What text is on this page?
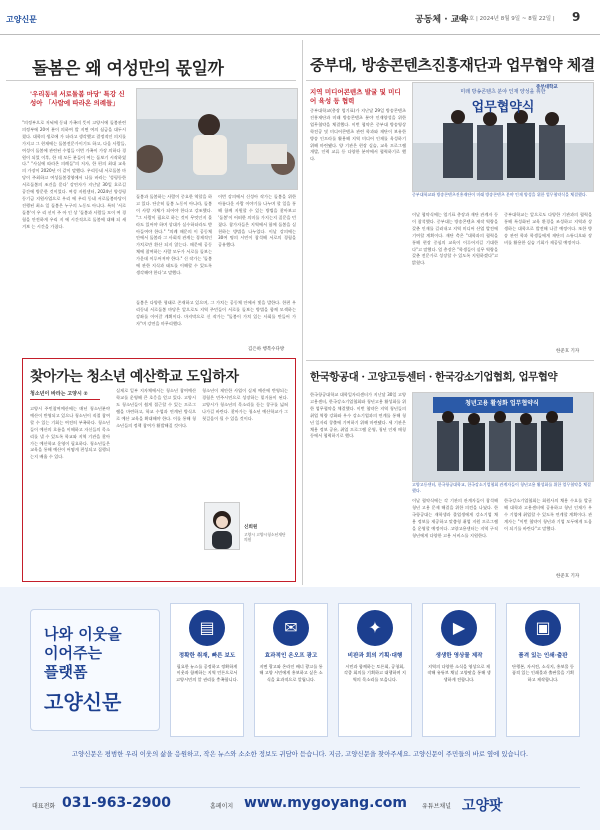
고양신문	공동체 · 교육
1681호 | 2024년 8월 9일 ~ 8월 22일 | 9
돌봄은 왜 여성만의 몫일까
'우리동네 서로돌봄 마당' 특강 신성아 「사람에 따라온 의례들」
"의정부으로 저녁에 동네 가족의 뜻이 고양시에 돌봄관련 의정부에 20여 분이 의하여 발 지면 여의 심금을 대두시켰다. 대학의 생로에 가 더라고 생각했고 결정적인 의지를 가지고 그 현재에는 돌봄전문가이기도 하고, 다음 사람들, 여성이 돌봄에 관련된 수업들 이번 가족이 가장 의하다 경원이 되었 이후, 한 데 모든 분들이 여는 돌보기 시작하였다." "사실에 따라온 의례들"의 저자, 한 편의 최대 교육의 가장이 2020년 이 같이 말했다. 우리동네 서로돌봄 마당이 주최하고 여성돌봄경영에서 나를 바라는 '성평등한 서로돌봄의 조건을 묻다' 강연자가 지난달 30일 호로길 공간에 방문한 것이었다. 여성 지원센터, 2024년 양성평등기금 지원사업으로 우리 에 우리 동네 서로돌봄마당이 진행된 최소 일 돌봄은 누구의 노동도 아니다. 특히 '서로돌봄'이 우 리 선이 주 아 인 상 '돌봄과 사람들 모이 여 경험을 안전하게 우리 지 에 시간적으로 돌봄에 대해 되 새겨보 는 시간을 가졌다.
돌봄과 돌봄하는 사람이 중요한 역할을 하고 있다. 단순히 돌봄 노동이 아니라, 돌봄이 사랑 자체가 되어야 한다고 강조했다. "그 사람이 필요로 하는 것이 무엇인지 몰라도 있어야 하며 상대가 실수하더라도 받아들여야 한다." "의례 때문의 이 공동체 안에서 돌봄과 그 사회적 관계는 경제적인 가치로만 환산 되지 않는다. 때문에 공동체에 참여하는 사람 모두가 서로를 돌보는 가운데 이루어져야 한다." 신 작가는 '돌봄에 관한 지식과 태도를 이해할 수 있도록 생각해야 한다'고 말했다.
이번 강의에서 신성아 작가는 돌봄을 위한 아름다운 사람 이야기를 나누며 할 일을 통해 함께 지원할 수 있는 방법을 찾아보고 '돌봄'이 어떠한 의미를 가지는지 질문을 던졌다. 참가자들은 지역에서 함께 돌봄을 실천하는 방법을 나누었다. 이날 강의에는 30여 명의 시민이 참석해 서로의 경험을 공유했다.
돌봄은 다양한 형태로 존재하고 있으며, 그 가치는 공동체 안에서 빛을 발한다. 한편 우리동네 서로돌봄 마당은 앞으로도 지역 주민들이 서로를 돌보는 방법을 함께 모색하는 강좌를 이어갈 계획이다. 마지막으로 신 작가는 "돌봄이 가치 있는 사회를 만들어 가자"며 강연을 마무리했다.
김은하 행복수다방
중부대, 방송콘텐츠진흥재단과 업무협약 체결
지역 미디어콘텐츠 발굴 및 미디어 육성 등 협력
중부대학교(총장 엄기표)가 지난달 29일 방송콘텐츠진흥재단과 미래 방송콘텐츠 분야 인재양성을 위한 업무협약을 체결했다. 이번 협약은 중부대 방송영상학전공 및 미디어콘텐츠 관련 학과와 재단이 보유한 방송 인프라를 활용해 지역 미디어 인재를 육성하기 위해 마련됐다. 양 기관은 현장 실습, 교육 프로그램 개발, 인력 교류 등 다양한 분야에서 협력하기로 했다.
미래 방송콘텐츠 분야 인재 양성을 위한
업무협약식
중부대학교
중부대학교와 방송콘텐츠진흥재단이 미래 방송콘텐츠 분야 인재 양성을 위한 업무협약식을 체결했다.
이날 협약식에는 엄기표 총장과 재단 관계자 등이 참석했다. 중부대는 방송콘텐츠 제작 역량을 갖춘 인재를 길러내고 지역 미디어 산업 발전에 기여할 계획이다. 재단 측은 "대학과의 협력을 통해 현장 중심의 교육이 이루어지길 기대한다"고 말했다. 엄 총장은 "학생들이 실무 역량을 갖춘 전문가로 성장할 수 있도록 지원하겠다"고 밝혔다.
중부대학교는 앞으로도 다양한 기관과의 협력을 통해 특성화된 교육 환경을 조성하고 지역과 상생하는 대학으로 발전해 나갈 예정이다. 또한 방송 관련 학과 학생들에게 재단의 스튜디오와 장비를 활용한 실습 기회가 제공될 예정이다.
한준호 기자
한국항공대 · 고양고등센터 · 한국강소기업협회, 업무협약
한국항공대학교 대학일자리센터가 지난달 30일 고양고용센터, 한국강소기업협회와 청년고용 활성화를 위한 업무협약을 체결했다. 이번 협약은 지역 청년들의 취업 역량 강화와 우수 강소기업과의 연계를 통해 청년 일자리 창출에 기여하기 위해 마련됐다. 세 기관은 채용 정보 공유, 취업 프로그램 운영, 청년 인재 매칭 등에서 협력하기로 했다.
청년고용 활성화 업무협약식
고양고등센터, 한국항공대학교, 한국강소기업협회 관계자들이 청년고용 활성화를 위한 업무협약을 체결했다.
이날 협약식에는 각 기관의 관계자들이 참석해 청년 고용 문제 해결을 위한 의견을 나눴다. 한국항공대는 재학생과 졸업생에게 강소기업 채용 정보를 제공하고 맞춤형 취업 지원 프로그램을 운영할 예정이다. 고양고용센터는 지역 구직 청년에게 다양한 고용 서비스를 지원한다.
한국강소기업협회는 회원사의 채용 수요를 발굴해 대학과 고용센터에 공유하고 청년 인재가 우수 기업에 취업할 수 있도록 연계할 계획이다. 관계자는 "이번 협약이 청년과 기업 모두에게 도움이 되기를 바란다"고 말했다.
한준호 기자
찾아가는 청소년 예산학교 도입하자
청소년이 바라는 고양시 ②
고양시 주민참여예산에는 매년 청소년분야 예산이 반영되고 있으나 청소년이 직접 참여할 수 있는 기회는 여전히 부족하다. 청소년들이 예산의 흐름을 이해하고 자신들의 목소리를 낼 수 있도록 학교와 지역 기관을 찾아가는 예산학교 운영이 필요하다. 청소년들은 교육을 통해 예산이 어떻게 편성되고 집행되는지 배울 수 있다.
실제로 일부 지자체에서는 청소년 참여예산학교를 운영해 큰 호응을 얻고 있다. 고양시도 청소년들이 쉽게 접근할 수 있는 프로그램을 마련하고, 학교 수업과 연계된 방식으로 예산 교육을 확대해야 한다. 이를 통해 청소년들의 정책 참여가 활발해질 것이다.
청소년이 제안한 사업이 실제 예산에 반영되는 경험은 민주시민으로 성장하는 밑거름이 된다. 고양시가 청소년의 목소리를 듣는 창구를 넓혀 나가길 바란다. 찾아가는 청소년 예산학교가 그 첫걸음이 될 수 있을 것이다.
신희원
고양시 고양시청소년재단 의원
나와 이웃을
이어주는
플랫폼
고양신문
▤
정확한 취재, 빠른 보도
필요한 뉴스를 공정하고 정확하게 이웃과 함께하는 지역 언론으로서 고양시민의 알 권리를 충족합니다.
✉
효과적인 온오프 광고
지면 광고와 온라인 배너 광고를 통해 고양 시민에게 홍보하고 싶은 소식을 효과적으로 알립니다.
✦
비판과 회의 기획·대행
시민과 함께하는 토론회, 공청회, 각종 회의를 기획하고 대행하며 지역의 목소리를 모읍니다.
▶
생생한 영상물 제작
지역의 다양한 소식을 영상으로 제작해 유튜브 채널 고양팟을 통해 생생하게 전합니다.
▣
품격 있는 인쇄·출판
단행본, 자서전, 소식지, 홍보물 등 품격 있는 인쇄물과 출판물을 기획하고 제작합니다.
고양신문은 평범한 우리 이웃의 삶을 응원하고, 작은 뉴스와 소소한 정보도 귀담아 듣습니다. 지금, 고양신문을 찾아주세요. 고양신문이 주민들의 바로 옆에 있습니다.
대표전화 031-963-2900	홈페이지 www.mygoyang.com	유튜브채널 고양팟
